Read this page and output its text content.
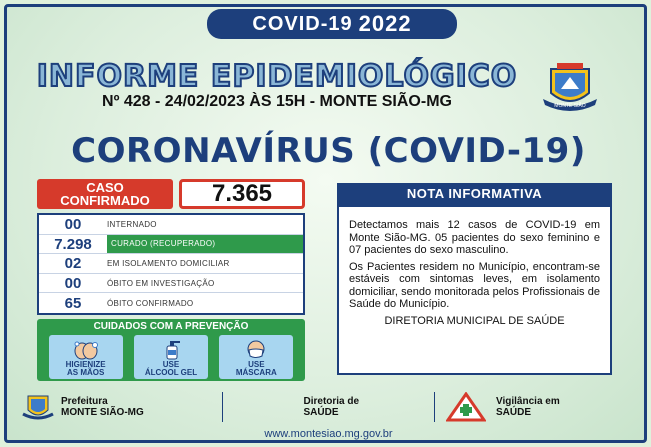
COVID-19 2022
INFORME EPIDEMIOLÓGICO
Nº 428 - 24/02/2023 ÀS 15H - MONTE SIÃO-MG	MONTE SIÃO
CORONAVÍRUS (COVID-19)
CASO
CONFIRMADO	7.365
00	INTERNADO
7.298	CURADO (RECUPERADO)
02	EM ISOLAMENTO DOMICILIAR
00	ÓBITO EM INVESTIGAÇÃO
65	ÓBITO CONFIRMADO
CUIDADOS COM A PREVENÇÃO
HIGIENIZE
AS MÃOS
USE
ÁLCOOL GEL
USE
MÁSCARA
NOTA INFORMATIVA

Detectamos mais 12 casos de COVID-19 em Monte Sião-MG. 05 pacientes do sexo feminino e 07 pacientes do sexo masculino.

Os Pacientes residem no Município, encontram-se estáveis com sintomas leves, em isolamento domiciliar, sendo monitorada pelos Profissionais de Saúde do Município.

DIRETORIA MUNICIPAL DE SAÚDE
Prefeitura
MONTE SIÃO-MG
Diretoria de
SAÚDE
Vigilância em
SAÚDE
www.montesiao.mg.gov.br
